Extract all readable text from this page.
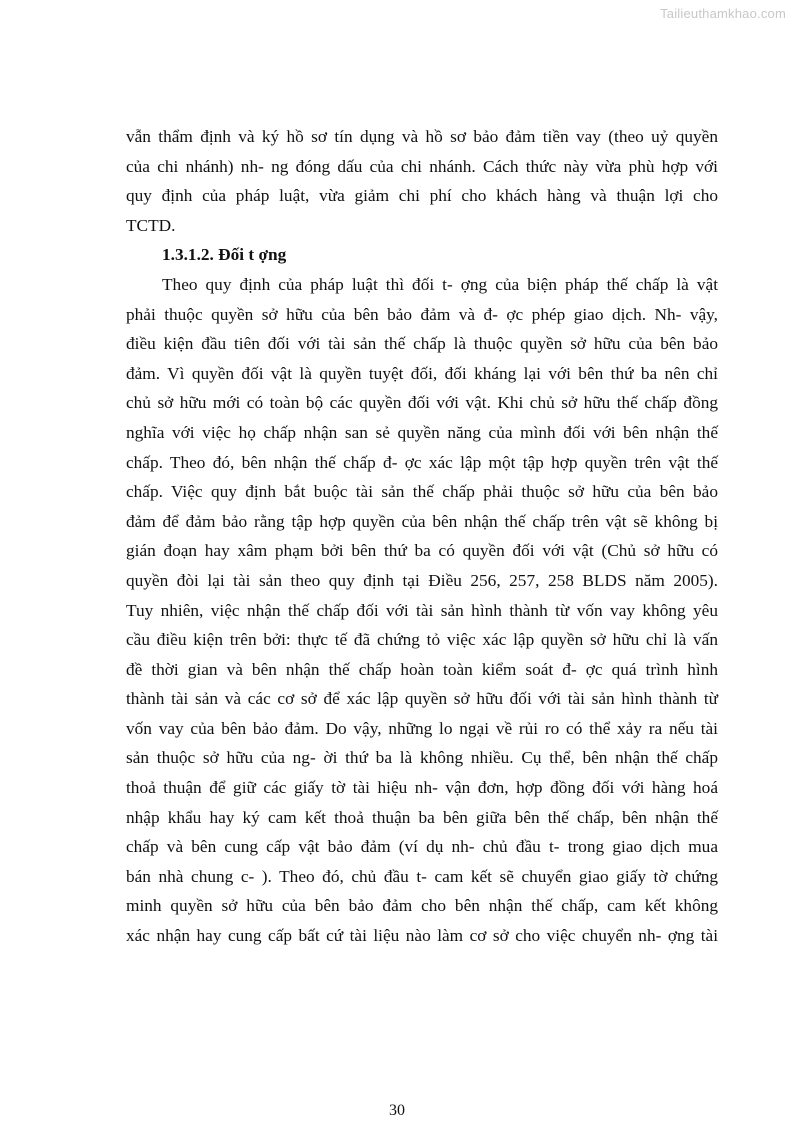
Tailieuthamkhao.com
vẫn thẩm định và ký hồ sơ tín dụng và hồ sơ bảo đảm tiền vay (theo uỷ quyền
của chi nhánh) nh- ng đóng dấu của chi nhánh. Cách thức này vừa phù hợp với
quy định của pháp luật, vừa giảm chi phí cho khách hàng và thuận lợi cho
TCTD.
1.3.1.2. Đối t ợng
Theo quy định của pháp luật thì đối t- ợng của biện pháp thế chấp là vật
phải thuộc quyền sở hữu của bên bảo đảm và đ- ợc phép giao dịch. Nh- vậy,
điều kiện đầu tiên đối với tài sản thế chấp là thuộc quyền sở hữu của bên bảo
đảm. Vì quyền đối vật là quyền tuyệt đối, đối kháng lại với bên thứ ba nên chỉ
chủ sở hữu mới có toàn bộ các quyền đối với vật. Khi chủ sở hữu thế chấp đồng
nghĩa với việc họ chấp nhận san sẻ quyền năng của mình đối với bên nhận thế
chấp. Theo đó, bên nhận thế chấp đ- ợc xác lập một tập hợp quyền trên vật thế
chấp. Việc quy định bắt buộc tài sản thế chấp phải thuộc sở hữu của bên bảo
đảm để đảm bảo rằng tập hợp quyền của bên nhận thế chấp trên vật sẽ không bị
gián đoạn hay xâm phạm bởi bên thứ ba có quyền đối với vật (Chủ sở hữu có
quyền đòi lại tài sản theo quy định tại Điều 256, 257, 258 BLDS năm 2005).
Tuy nhiên, việc nhận thế chấp đối với tài sản hình thành từ vốn vay không yêu
cầu điều kiện trên bởi: thực tế đã chứng tỏ việc xác lập quyền sở hữu chỉ là vấn
đề thời gian và bên nhận thế chấp hoàn toàn kiểm soát đ- ợc quá trình hình
thành tài sản và các cơ sở để xác lập quyền sở hữu đối với tài sản hình thành từ
vốn vay của bên bảo đảm. Do vậy, những lo ngại về rủi ro có thể xảy ra nếu tài
sản thuộc sở hữu của ng- ời thứ ba là không nhiều. Cụ thể, bên nhận thế chấp
thoả thuận để giữ các giấy tờ tài hiệu nh- vận đơn, hợp đồng đối với hàng hoá
nhập khẩu hay ký cam kết thoả thuận ba bên giữa bên thế chấp, bên nhận thế
chấp và bên cung cấp vật bảo đảm (ví dụ nh- chủ đầu t- trong giao dịch mua
bán nhà chung c- ). Theo đó, chủ đầu t- cam kết sẽ chuyển giao giấy tờ chứng
minh quyền sở hữu của bên bảo đảm cho bên nhận thế chấp, cam kết không
xác nhận hay cung cấp bất cứ tài liệu nào làm cơ sở cho việc chuyển nh- ợng tài
30
